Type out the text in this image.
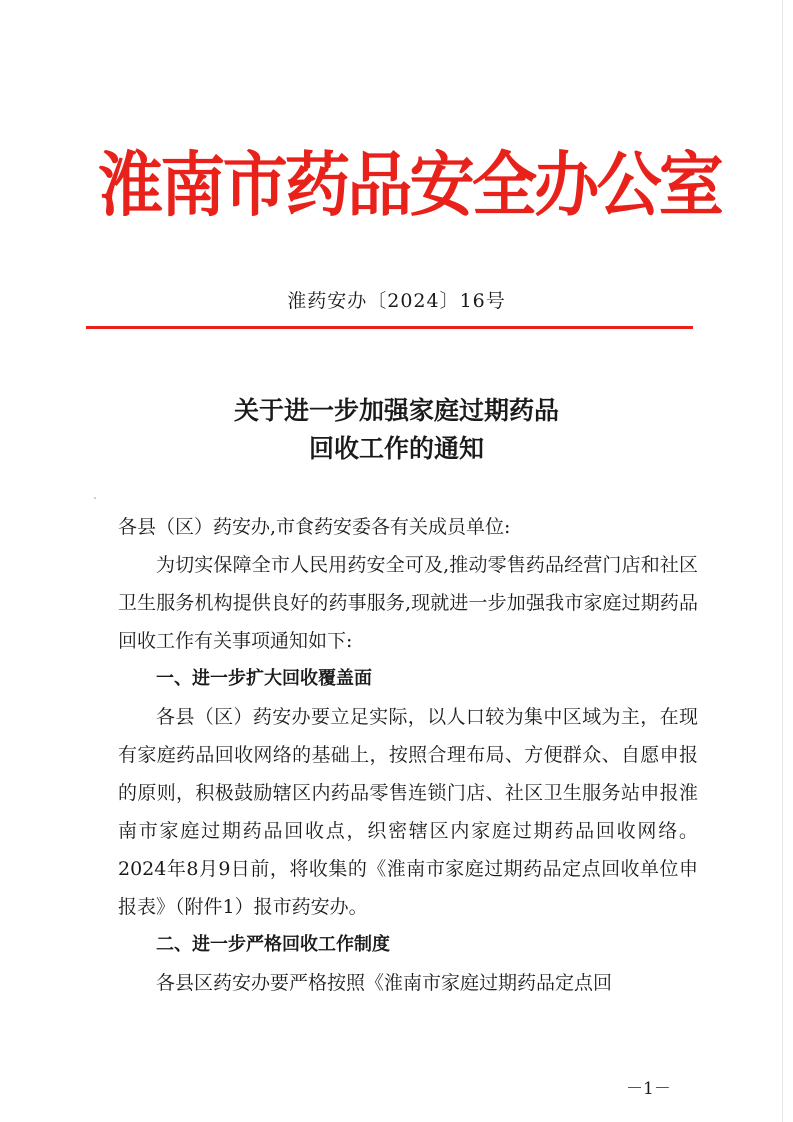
淮南市药品安全办公室
淮药安办〔2024〕16号
关于进一步加强家庭过期药品
回收工作的通知

各县（区）药安办,市食药安委各有关成员单位:

为切实保障全市人民用药安全可及,推动零售药品经营门店和社区卫生服务机构提供良好的药事服务,现就进一步加强我市家庭过期药品回收工作有关事项通知如下:

一、进一步扩大回收覆盖面

各县（区）药安办要立足实际，以人口较为集中区域为主，在现有家庭药品回收网络的基础上，按照合理布局、方便群众、自愿申报的原则，积极鼓励辖区内药品零售连锁门店、社区卫生服务站申报淮南市家庭过期药品回收点，织密辖区内家庭过期药品回收网络。2024年8月9日前，将收集的《淮南市家庭过期药品定点回收单位申报表》（附件1）报市药安办。

二、进一步严格回收工作制度

各县区药安办要严格按照《淮南市家庭过期药品定点回

－1－
